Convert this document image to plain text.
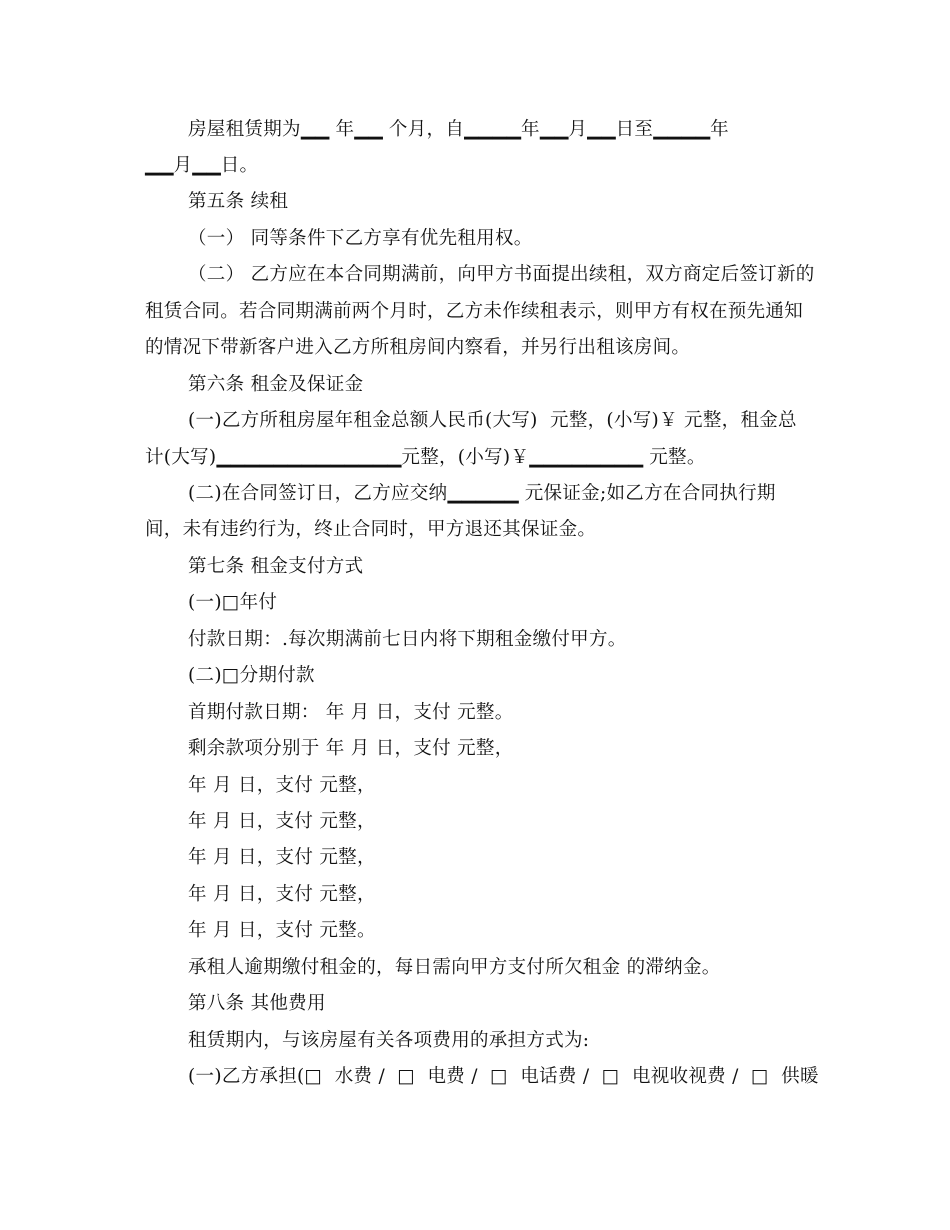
房屋租赁期为▁▁ 年▁▁ 个月，自▁▁▁▁年▁▁月▁▁日至▁▁▁▁年
▁▁月▁▁日。
第五条 续租
（一） 同等条件下乙方享有优先租用权。
（二） 乙方应在本合同期满前，向甲方书面提出续租，双方商定后签订新的
租赁合同。若合同期满前两个月时，乙方未作续租表示，则甲方有权在预先通知
的情况下带新客户进入乙方所租房间内察看，并另行出租该房间。
第六条 租金及保证金
(一)乙方所租房屋年租金总额人民币(大写)  元整，(小写)￥ 元整，租金总
计(大写)▁▁▁▁▁▁▁▁▁▁▁▁▁元整，(小写)￥▁▁▁▁▁▁▁▁ 元整。
(二)在合同签订日，乙方应交纳▁▁▁▁▁ 元保证金;如乙方在合同执行期
间，未有违约行为，终止合同时，甲方退还其保证金。
第七条 租金支付方式
(一)□年付
付款日期：.每次期满前七日内将下期租金缴付甲方。
(二)□分期付款
首期付款日期： 年 月 日，支付 元整。
剩余款项分别于 年 月 日，支付 元整，
年 月 日，支付 元整，
年 月 日，支付 元整，
年 月 日，支付 元整，
年 月 日，支付 元整，
年 月 日，支付 元整。
承租人逾期缴付租金的，每日需向甲方支付所欠租金 的滞纳金。
第八条 其他费用
租赁期内，与该房屋有关各项费用的承担方式为:
(一)乙方承担(□  水费 /  □  电费 /  □  电话费 /  □  电视收视费 /  □  供暖
